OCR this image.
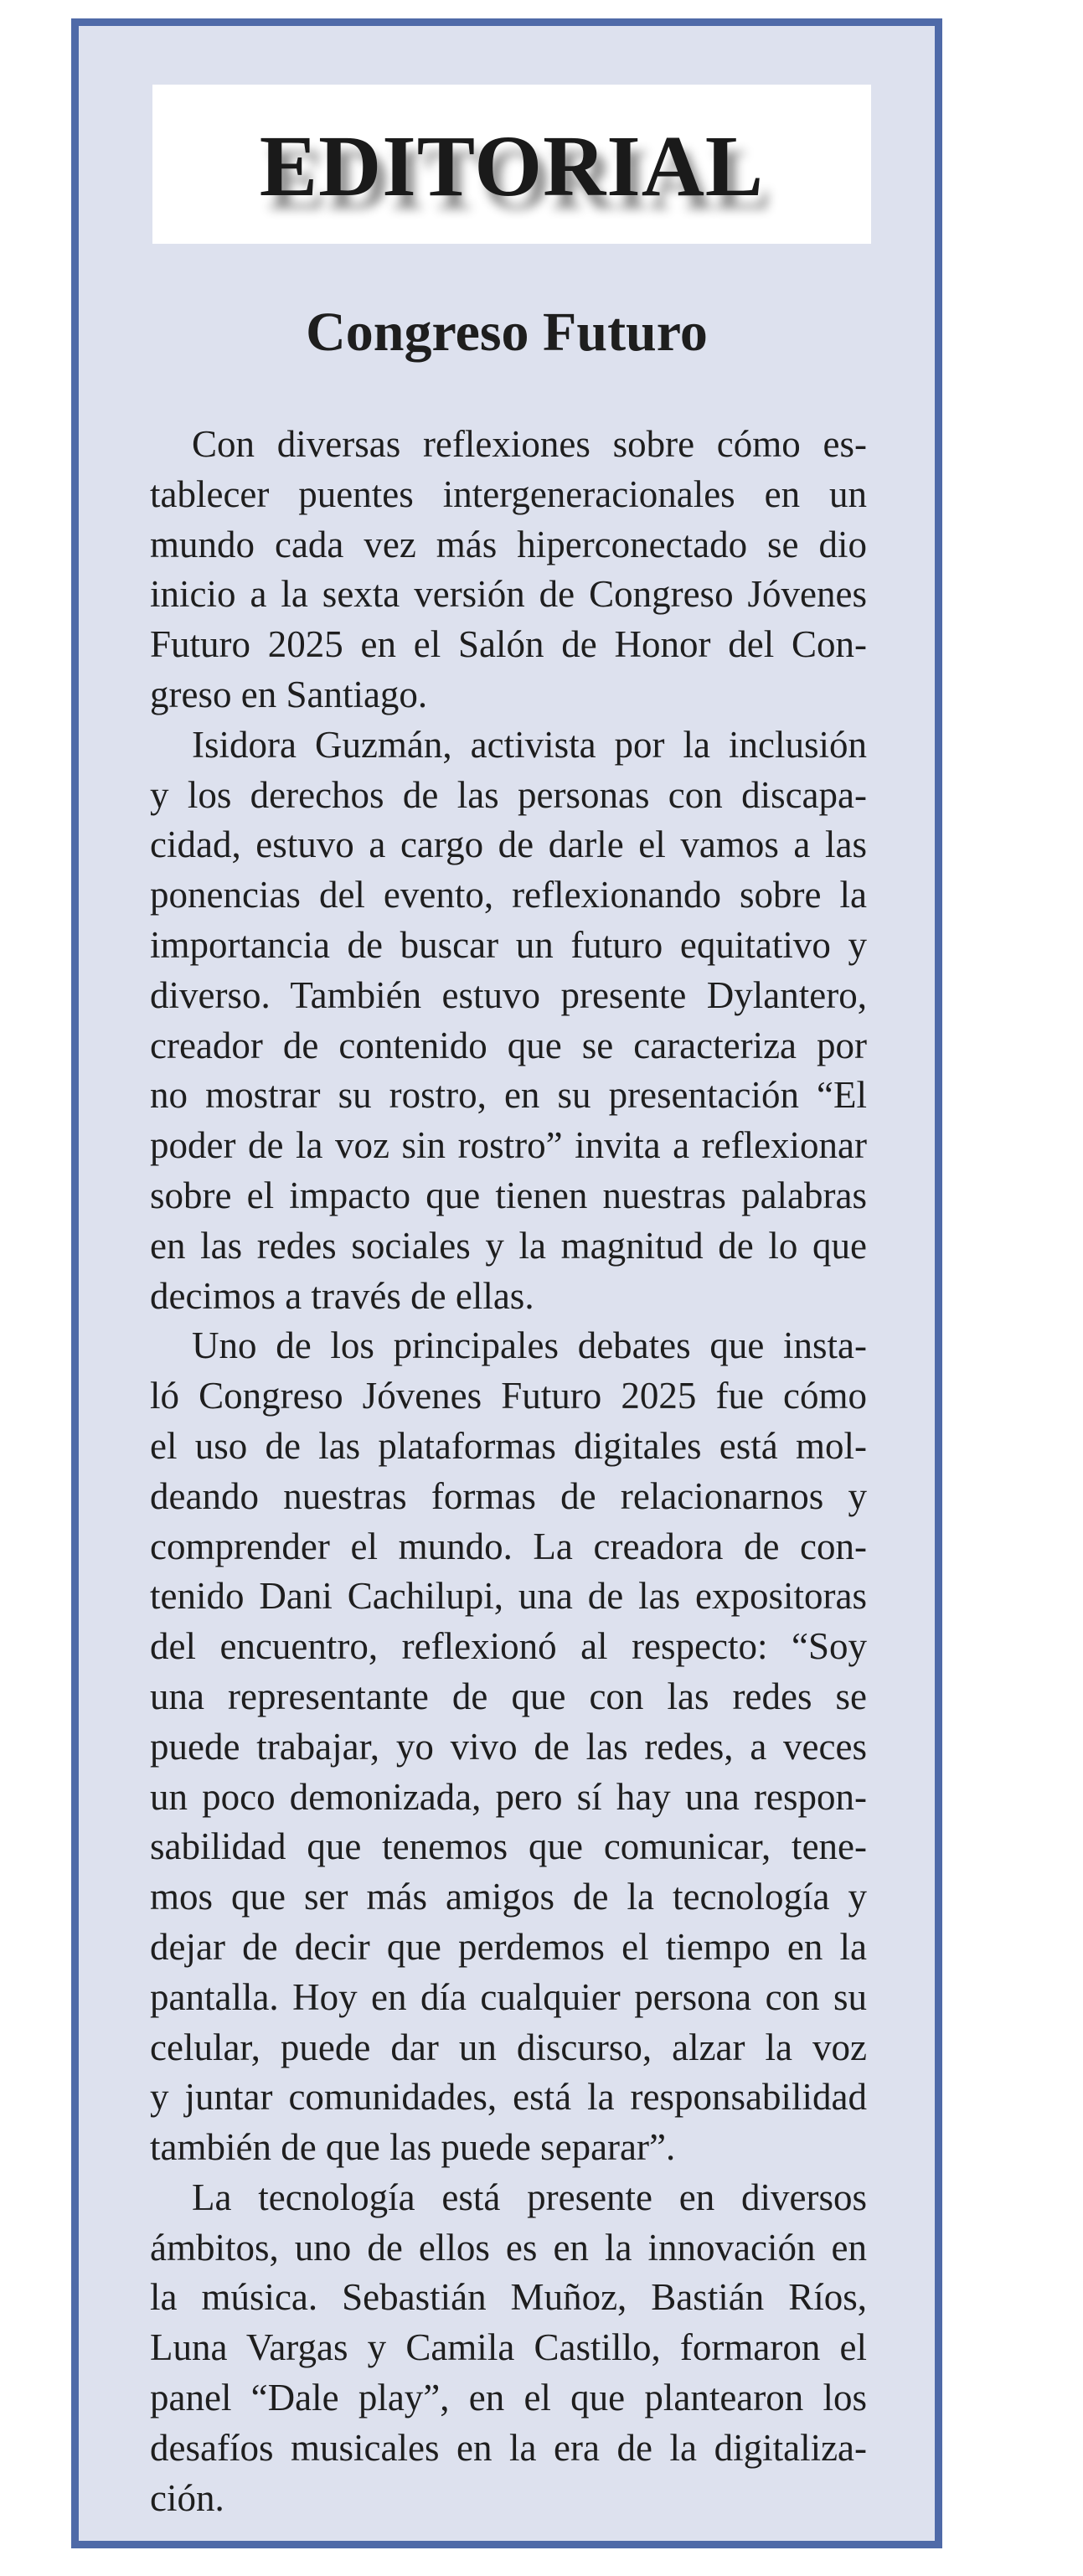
EDITORIAL
Congreso Futuro
Con diversas reflexiones sobre cómo es-
tablecer puentes intergeneracionales en un
mundo cada vez más hiperconectado se dio
inicio a la sexta versión de Congreso Jóvenes
Futuro 2025 en el Salón de Honor del Con-
greso en Santiago.
Isidora Guzmán, activista por la inclusión
y los derechos de las personas con discapa-
cidad, estuvo a cargo de darle el vamos a las
ponencias del evento, reflexionando sobre la
importancia de buscar un futuro equitativo y
diverso. También estuvo presente Dylantero,
creador de contenido que se caracteriza por
no mostrar su rostro, en su presentación “El
poder de la voz sin rostro” invita a reflexionar
sobre el impacto que tienen nuestras palabras
en las redes sociales y la magnitud de lo que
decimos a través de ellas.
Uno de los principales debates que insta-
ló Congreso Jóvenes Futuro 2025 fue cómo
el uso de las plataformas digitales está mol-
deando nuestras formas de relacionarnos y
comprender el mundo. La creadora de con-
tenido Dani Cachilupi, una de las expositoras
del encuentro, reflexionó al respecto: “Soy
una representante de que con las redes se
puede trabajar, yo vivo de las redes, a veces
un poco demonizada, pero sí hay una respon-
sabilidad que tenemos que comunicar, tene-
mos que ser más amigos de la tecnología y
dejar de decir que perdemos el tiempo en la
pantalla. Hoy en día cualquier persona con su
celular, puede dar un discurso, alzar la voz
y juntar comunidades, está la responsabilidad
también de que las puede separar”.
La tecnología está presente en diversos
ámbitos, uno de ellos es en la innovación en
la música. Sebastián Muñoz, Bastián Ríos,
Luna Vargas y Camila Castillo, formaron el
panel “Dale play”, en el que plantearon los
desafíos musicales en la era de la digitaliza-
ción.
